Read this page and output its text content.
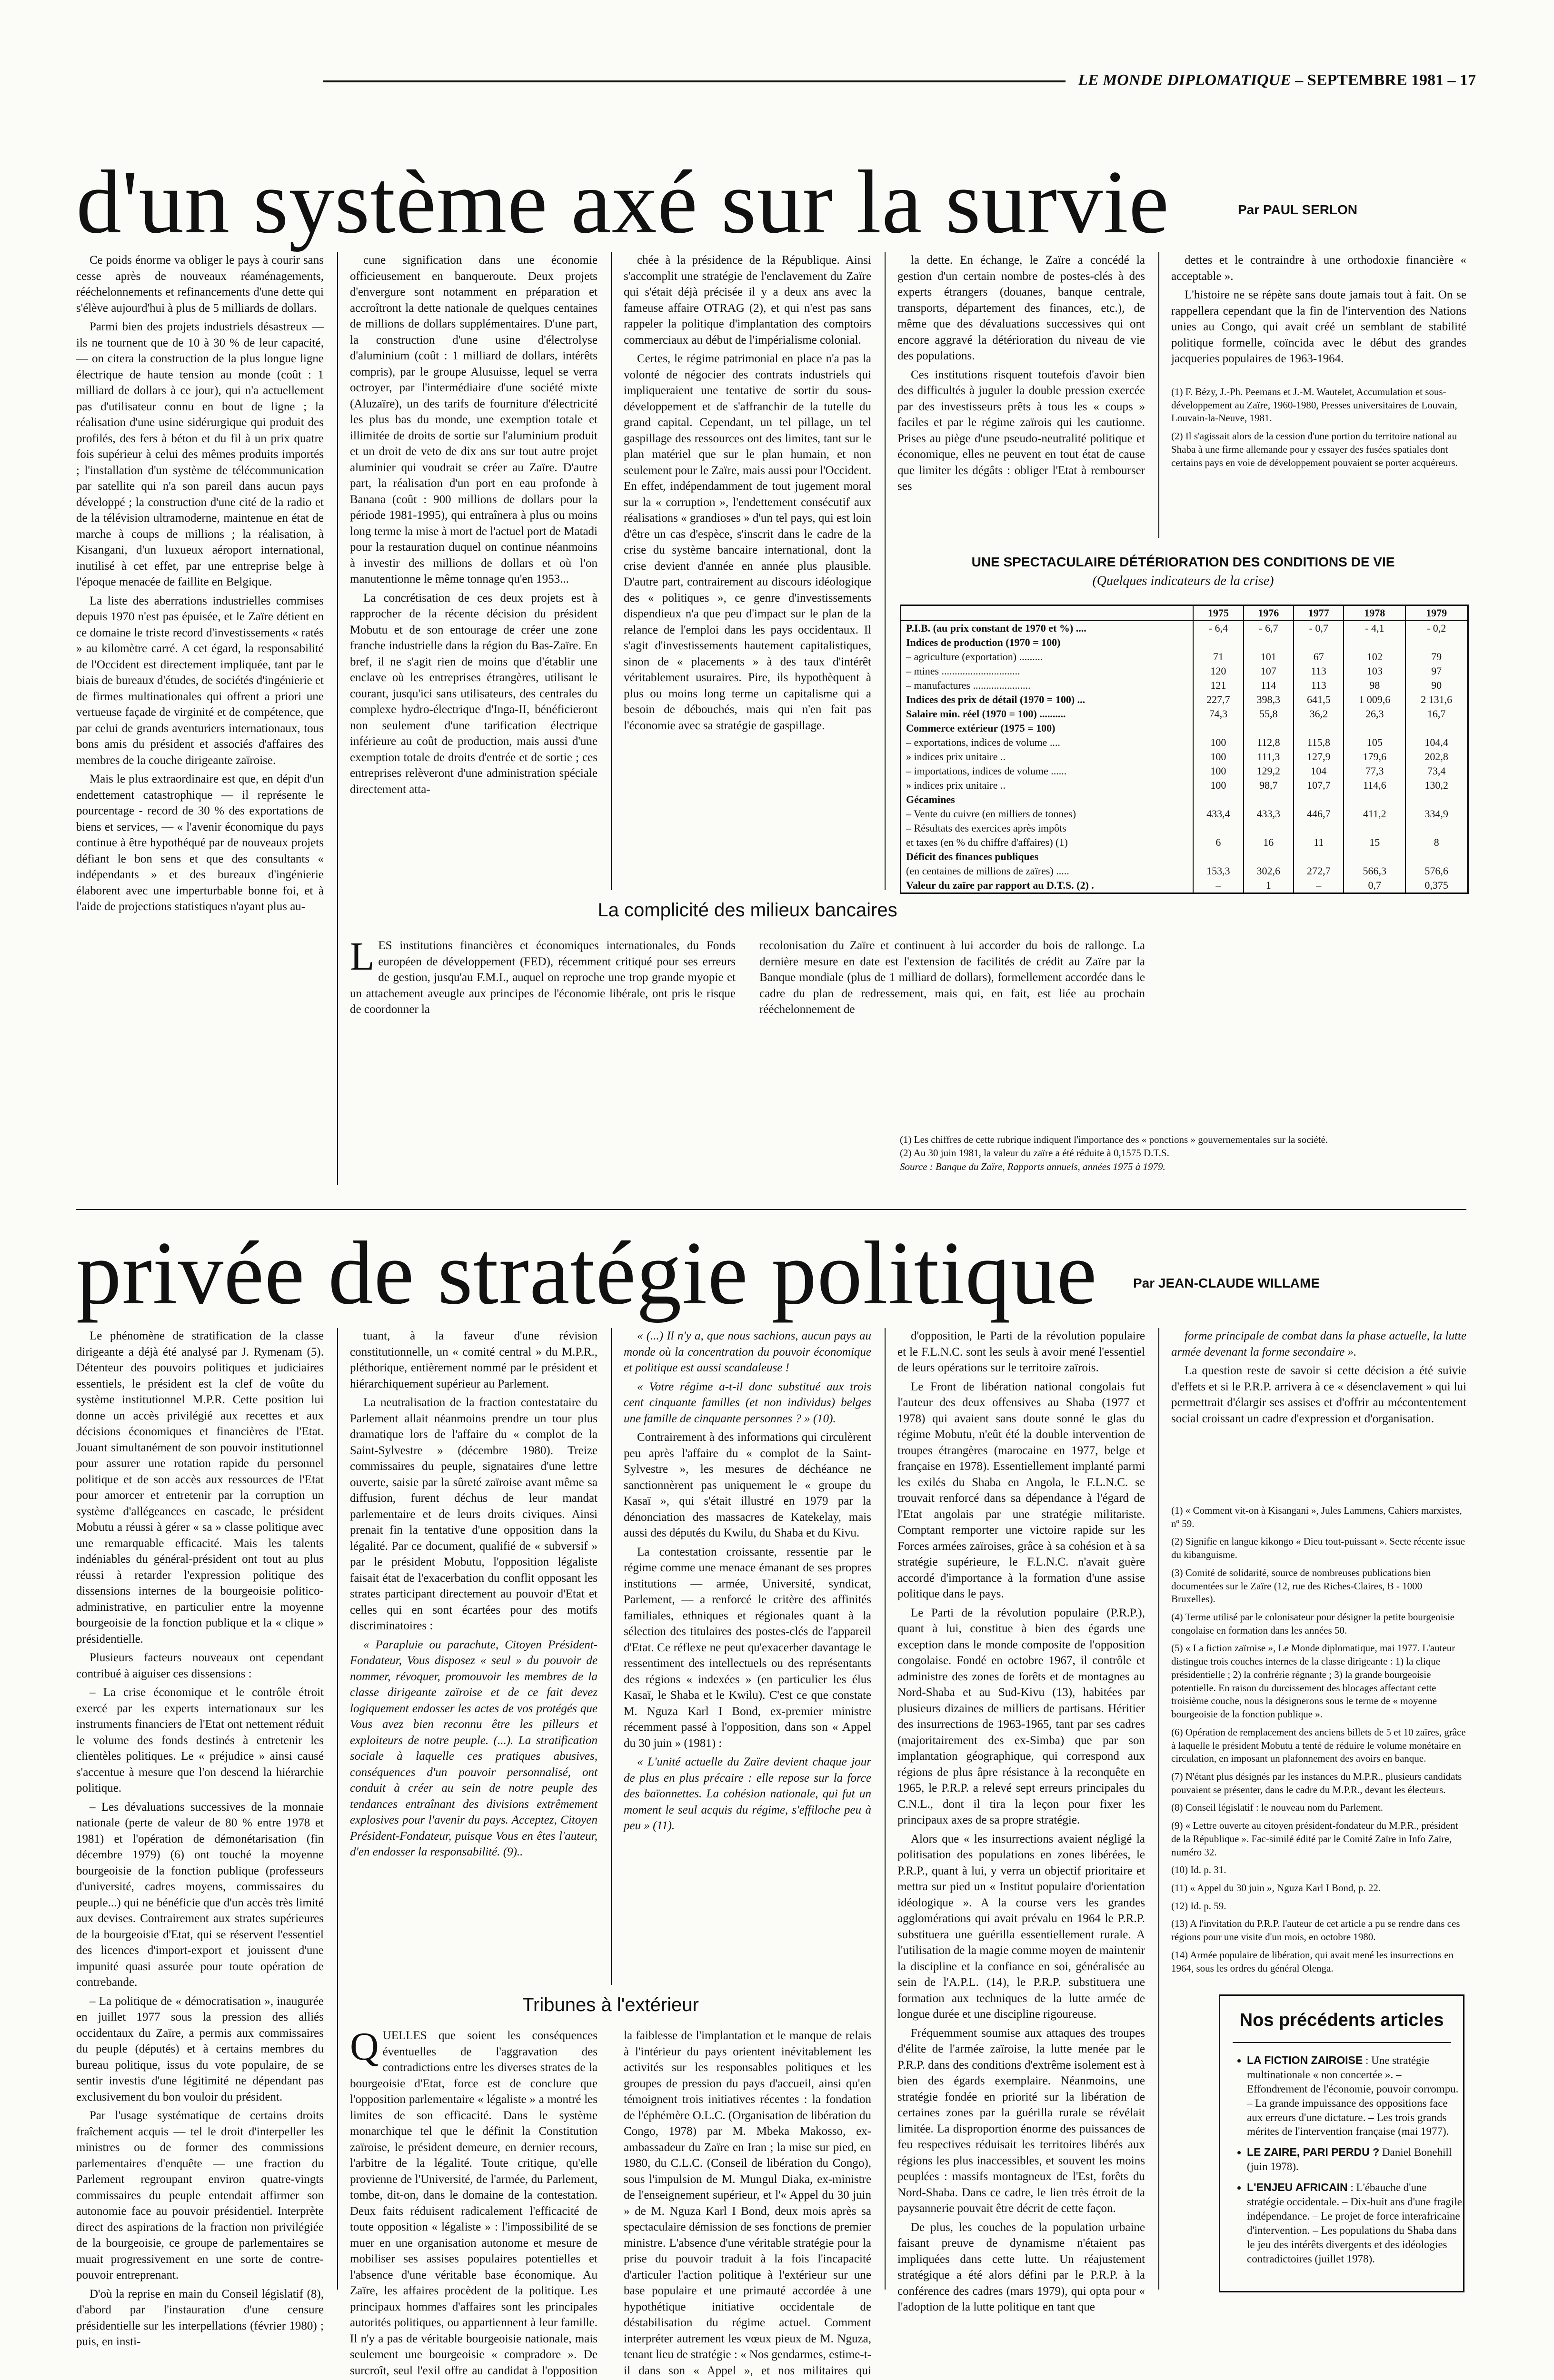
LE MONDE DIPLOMATIQUE – SEPTEMBRE 1981 – 17
d'un système axé sur la survie	Par PAUL SERLON

Ce poids énorme va obliger le pays à courir sans cesse après de nouveaux réaménagements, rééchelonnements et refinancements d'une dette qui s'élève aujourd'hui à plus de 5 milliards de dollars.

Parmi bien des projets industriels désastreux — ils ne tournent que de 10 à 30 % de leur capacité, — on citera la construction de la plus longue ligne électrique de haute tension au monde (coût : 1 milliard de dollars à ce jour), qui n'a actuellement pas d'utilisateur connu en bout de ligne ; la réalisation d'une usine sidérurgique qui produit des profilés, des fers à béton et du fil à un prix quatre fois supérieur à celui des mêmes produits importés ; l'installation d'un système de télécommunication par satellite qui n'a son pareil dans aucun pays développé ; la construction d'une cité de la radio et de la télévision ultramoderne, maintenue en état de marche à coups de millions ; la réalisation, à Kisangani, d'un luxueux aéroport international, inutilisé à cet effet, par une entreprise belge à l'époque menacée de faillite en Belgique.

La liste des aberrations industrielles commises depuis 1970 n'est pas épuisée, et le Zaïre détient en ce domaine le triste record d'investissements « ratés » au kilomètre carré. A cet égard, la responsabilité de l'Occident est directement impliquée, tant par le biais de bureaux d'études, de sociétés d'ingénierie et de firmes multinationales qui offrent a priori une vertueuse façade de virginité et de compétence, que par celui de grands aventuriers internationaux, tous bons amis du président et associés d'affaires des membres de la couche dirigeante zaïroise.

Mais le plus extraordinaire est que, en dépit d'un endettement catastrophique — il représente le pourcentage - record de 30 % des exportations de biens et services, — « l'avenir économique du pays continue à être hypothéqué par de nouveaux projets défiant le bon sens et que des consultants « indépendants » et des bureaux d'ingénierie élaborent avec une imperturbable bonne foi, et à l'aide de projections statistiques n'ayant plus au-

cune signification dans une économie officieusement en banqueroute. Deux projets d'envergure sont notamment en préparation et accroîtront la dette nationale de quelques centaines de millions de dollars supplémentaires. D'une part, la construction d'une usine d'électrolyse d'aluminium (coût : 1 milliard de dollars, intérêts compris), par le groupe Alusuisse, lequel se verra octroyer, par l'intermédiaire d'une société mixte (Aluzaïre), un des tarifs de fourniture d'électricité les plus bas du monde, une exemption totale et illimitée de droits de sortie sur l'aluminium produit et un droit de veto de dix ans sur tout autre projet aluminier qui voudrait se créer au Zaïre. D'autre part, la réalisation d'un port en eau profonde à Banana (coût : 900 millions de dollars pour la période 1981-1995), qui entraînera à plus ou moins long terme la mise à mort de l'actuel port de Matadi pour la restauration duquel on continue néanmoins à investir des millions de dollars et où l'on manutentionne le même tonnage qu'en 1953...

La concrétisation de ces deux projets est à rapprocher de la récente décision du président Mobutu et de son entourage de créer une zone franche industrielle dans la région du Bas-Zaïre. En bref, il ne s'agit rien de moins que d'établir une enclave où les entreprises étrangères, utilisant le courant, jusqu'ici sans utilisateurs, des centrales du complexe hydro-électrique d'Inga-II, bénéficieront non seulement d'une tarification électrique inférieure au coût de production, mais aussi d'une exemption totale de droits d'entrée et de sortie ; ces entreprises relèveront d'une administration spéciale directement atta-

chée à la présidence de la République. Ainsi s'accomplit une stratégie de l'enclavement du Zaïre qui s'était déjà précisée il y a deux ans avec la fameuse affaire OTRAG (2), et qui n'est pas sans rappeler la politique d'implantation des comptoirs commerciaux au début de l'impérialisme colonial.

Certes, le régime patrimonial en place n'a pas la volonté de négocier des contrats industriels qui impliqueraient une tentative de sortir du sous-développement et de s'affranchir de la tutelle du grand capital. Cependant, un tel pillage, un tel gaspillage des ressources ont des limites, tant sur le plan matériel que sur le plan humain, et non seulement pour le Zaïre, mais aussi pour l'Occident. En effet, indépendamment de tout jugement moral sur la « corruption », l'endettement consécutif aux réalisations « grandioses » d'un tel pays, qui est loin d'être un cas d'espèce, s'inscrit dans le cadre de la crise du système bancaire international, dont la crise devient d'année en année plus plausible. D'autre part, contrairement au discours idéologique des « politiques », ce genre d'investissements dispendieux n'a que peu d'impact sur le plan de la relance de l'emploi dans les pays occidentaux. Il s'agit d'investissements hautement capitalistiques, sinon de « placements » à des taux d'intérêt véritablement usuraires. Pire, ils hypothèquent à plus ou moins long terme un capitalisme qui a besoin de débouchés, mais qui n'en fait pas l'économie avec sa stratégie de gaspillage.

la dette. En échange, le Zaïre a concédé la gestion d'un certain nombre de postes-clés à des experts étrangers (douanes, banque centrale, transports, département des finances, etc.), de même que des dévaluations successives qui ont encore aggravé la détérioration du niveau de vie des populations.

Ces institutions risquent toutefois d'avoir bien des difficultés à juguler la double pression exercée par des investisseurs prêts à tous les « coups » faciles et par le régime zaïrois qui les cautionne. Prises au piège d'une pseudo-neutralité politique et économique, elles ne peuvent en tout état de cause que limiter les dégâts : obliger l'Etat à rembourser ses

dettes et le contraindre à une orthodoxie financière « acceptable ».

L'histoire ne se répète sans doute jamais tout à fait. On se rappellera cependant que la fin de l'intervention des Nations unies au Congo, qui avait créé un semblant de stabilité politique formelle, coïncida avec le début des grandes jacqueries populaires de 1963-1964.

(1) F. Bézy, J.-Ph. Peemans et J.-M. Wautelet, Accumulation et sous-développement au Zaïre, 1960-1980, Presses universitaires de Louvain, Louvain-la-Neuve, 1981.

(2) Il s'agissait alors de la cession d'une portion du territoire national au Shaba à une firme allemande pour y essayer des fusées spatiales dont certains pays en voie de développement pouvaient se porter acquéreurs.

La complicité des milieux bancaires
L ES institutions financières et économiques internationales, du Fonds européen de développement (FED), récemment critiqué pour ses erreurs de gestion, jusqu'au F.M.I., auquel on reproche une trop grande myopie et un attachement aveugle aux principes de l'économie libérale, ont pris le risque de coordonner la
recolonisation du Zaïre et continuent à lui accorder du bois de rallonge. La dernière mesure en date est l'extension de facilités de crédit au Zaïre par la Banque mondiale (plus de 1 milliard de dollars), formellement accordée dans le cadre du plan de redressement, mais qui, en fait, est liée au prochain rééchelonnement de
UNE SPECTACULAIRE DÉTÉRIORATION DES CONDITIONS DE VIE
(Quelques indicateurs de la crise)
	1975	1976	1977	1978	1979
P.I.B. (au prix constant de 1970 et %) ....	- 6,4	- 6,7	- 0,7	- 4,1	- 0,2
Indices de production (1970 = 100)					
– agriculture (exportation) .........	71	101	67	102	79
– mines ..............................	120	107	113	103	97
– manufactures ......................	121	114	113	98	90
Indices des prix de détail (1970 = 100) ...	227,7	398,3	641,5	1 009,6	2 131,6
Salaire min. réel (1970 = 100) ..........	74,3	55,8	36,2	26,3	16,7
Commerce extérieur (1975 = 100)					
– exportations, indices de volume ....	100	112,8	115,8	105	104,4
» indices prix unitaire ..	100	111,3	127,9	179,6	202,8
– importations, indices de volume ......	100	129,2	104	77,3	73,4
» indices prix unitaire ..	100	98,7	107,7	114,6	130,2
Gécamines					
– Vente du cuivre (en milliers de tonnes)	433,4	433,3	446,7	411,2	334,9
– Résultats des exercices après impôts					
et taxes (en % du chiffre d'affaires) (1)	6	16	11	15	8
Déficit des finances publiques					
(en centaines de millions de zaïres) .....	153,3	302,6	272,7	566,3	576,6
Valeur du zaïre par rapport au D.T.S. (2) .	–	1	–	0,7	0,375
(1) Les chiffres de cette rubrique indiquent l'importance des « ponctions » gouvernementales sur la société.
(2) Au 30 juin 1981, la valeur du zaïre a été réduite à 0,1575 D.T.S.
Source : Banque du Zaïre, Rapports annuels, années 1975 à 1979.
privée de stratégie politique	Par JEAN-CLAUDE WILLAME

Le phénomène de stratification de la classe dirigeante a déjà été analysé par J. Rymenam (5). Détenteur des pouvoirs politiques et judiciaires essentiels, le président est la clef de voûte du système institutionnel M.P.R. Cette position lui donne un accès privilégié aux recettes et aux décisions économiques et financières de l'Etat. Jouant simultanément de son pouvoir institutionnel pour assurer une rotation rapide du personnel politique et de son accès aux ressources de l'Etat pour amorcer et entretenir par la corruption un système d'allégeances en cascade, le président Mobutu a réussi à gérer « sa » classe politique avec une remarquable efficacité. Mais les talents indéniables du général-président ont tout au plus réussi à retarder l'expression politique des dissensions internes de la bourgeoisie politico-administrative, en particulier entre la moyenne bourgeoisie de la fonction publique et la « clique » présidentielle.

Plusieurs facteurs nouveaux ont cependant contribué à aiguiser ces dissensions :

– La crise économique et le contrôle étroit exercé par les experts internationaux sur les instruments financiers de l'Etat ont nettement réduit le volume des fonds destinés à entretenir les clientèles politiques. Le « préjudice » ainsi causé s'accentue à mesure que l'on descend la hiérarchie politique.

– Les dévaluations successives de la monnaie nationale (perte de valeur de 80 % entre 1978 et 1981) et l'opération de démonétarisation (fin décembre 1979) (6) ont touché la moyenne bourgeoisie de la fonction publique (professeurs d'université, cadres moyens, commissaires du peuple...) qui ne bénéficie que d'un accès très limité aux devises. Contrairement aux strates supérieures de la bourgeoisie d'Etat, qui se réservent l'essentiel des licences d'import-export et jouissent d'une impunité quasi assurée pour toute opération de contrebande.

– La politique de « démocratisation », inaugurée en juillet 1977 sous la pression des alliés occidentaux du Zaïre, a permis aux commissaires du peuple (députés) et à certains membres du bureau politique, issus du vote populaire, de se sentir investis d'une légitimité ne dépendant pas exclusivement du bon vouloir du président.

Par l'usage systématique de certains droits fraîchement acquis — tel le droit d'interpeller les ministres ou de former des commissions parlementaires d'enquête — une fraction du Parlement regroupant environ quatre-vingts commissaires du peuple entendait affirmer son autonomie face au pouvoir présidentiel. Interprète direct des aspirations de la fraction non privilégiée de la bourgeoisie, ce groupe de parlementaires se muait progressivement en une sorte de contre-pouvoir entreprenant.

D'où la reprise en main du Conseil législatif (8), d'abord par l'instauration d'une censure présidentielle sur les interpellations (février 1980) ; puis, en insti-

tuant, à la faveur d'une révision constitutionnelle, un « comité central » du M.P.R., pléthorique, entièrement nommé par le président et hiérarchiquement supérieur au Parlement.

La neutralisation de la fraction contestataire du Parlement allait néanmoins prendre un tour plus dramatique lors de l'affaire du « complot de la Saint-Sylvestre » (décembre 1980). Treize commissaires du peuple, signataires d'une lettre ouverte, saisie par la sûreté zaïroise avant même sa diffusion, furent déchus de leur mandat parlementaire et de leurs droits civiques. Ainsi prenait fin la tentative d'une opposition dans la légalité. Par ce document, qualifié de « subversif » par le président Mobutu, l'opposition légaliste faisait état de l'exacerbation du conflit opposant les strates participant directement au pouvoir d'Etat et celles qui en sont écartées pour des motifs discriminatoires :

« Parapluie ou parachute, Citoyen Président-Fondateur, Vous disposez « seul » du pouvoir de nommer, révoquer, promouvoir les membres de la classe dirigeante zaïroise et de ce fait devez logiquement endosser les actes de vos protégés que Vous avez bien reconnu être les pilleurs et exploiteurs de notre peuple. (...). La stratification sociale à laquelle ces pratiques abusives, conséquences d'un pouvoir personnalisé, ont conduit à créer au sein de notre peuple des tendances entraînant des divisions extrêmement explosives pour l'avenir du pays. Acceptez, Citoyen Président-Fondateur, puisque Vous en êtes l'auteur, d'en endosser la responsabilité. (9)..

« (...) Il n'y a, que nous sachions, aucun pays au monde où la concentration du pouvoir économique et politique est aussi scandaleuse !

« Votre régime a-t-il donc substitué aux trois cent cinquante familles (et non individus) belges une famille de cinquante personnes ? » (10).

Contrairement à des informations qui circulèrent peu après l'affaire du « complot de la Saint-Sylvestre », les mesures de déchéance ne sanctionnèrent pas uniquement le « groupe du Kasaï », qui s'était illustré en 1979 par la dénonciation des massacres de Katekelay, mais aussi des députés du Kwilu, du Shaba et du Kivu.

La contestation croissante, ressentie par le régime comme une menace émanant de ses propres institutions — armée, Université, syndicat, Parlement, — a renforcé le critère des affinités familiales, ethniques et régionales quant à la sélection des titulaires des postes-clés de l'appareil d'Etat. Ce réflexe ne peut qu'exacerber davantage le ressentiment des intellectuels ou des représentants des régions « indexées » (en particulier les élus Kasaï, le Shaba et le Kwilu). C'est ce que constate M. Nguza Karl I Bond, ex-premier ministre récemment passé à l'opposition, dans son « Appel du 30 juin » (1981) :

« L'unité actuelle du Zaïre devient chaque jour de plus en plus précaire : elle repose sur la force des baïonnettes. La cohésion nationale, qui fut un moment le seul acquis du régime, s'effiloche peu à peu » (11).

d'opposition, le Parti de la révolution populaire et le F.L.N.C. sont les seuls à avoir mené l'essentiel de leurs opérations sur le territoire zaïrois.

Le Front de libération national congolais fut l'auteur des deux offensives au Shaba (1977 et 1978) qui avaient sans doute sonné le glas du régime Mobutu, n'eût été la double intervention de troupes étrangères (marocaine en 1977, belge et française en 1978). Essentiellement implanté parmi les exilés du Shaba en Angola, le F.L.N.C. se trouvait renforcé dans sa dépendance à l'égard de l'Etat angolais par une stratégie militariste. Comptant remporter une victoire rapide sur les Forces armées zaïroises, grâce à sa cohésion et à sa stratégie supérieure, le F.L.N.C. n'avait guère accordé d'importance à la formation d'une assise politique dans le pays.

Le Parti de la révolution populaire (P.R.P.), quant à lui, constitue à bien des égards une exception dans le monde composite de l'opposition congolaise. Fondé en octobre 1967, il contrôle et administre des zones de forêts et de montagnes au Nord-Shaba et au Sud-Kivu (13), habitées par plusieurs dizaines de milliers de partisans. Héritier des insurrections de 1963-1965, tant par ses cadres (majoritairement des ex-Simba) que par son implantation géographique, qui correspond aux régions de plus âpre résistance à la reconquête en 1965, le P.R.P. a relevé sept erreurs principales du C.N.L., dont il tira la leçon pour fixer les principaux axes de sa propre stratégie.

Alors que « les insurrections avaient négligé la politisation des populations en zones libérées, le P.R.P., quant à lui, y verra un objectif prioritaire et mettra sur pied un « Institut populaire d'orientation idéologique ». A la course vers les grandes agglomérations qui avait prévalu en 1964 le P.R.P. substituera une guérilla essentiellement rurale. A l'utilisation de la magie comme moyen de maintenir la discipline et la confiance en soi, généralisée au sein de l'A.P.L. (14), le P.R.P. substituera une formation aux techniques de la lutte armée de longue durée et une discipline rigoureuse.

Fréquemment soumise aux attaques des troupes d'élite de l'armée zaïroise, la lutte menée par le P.R.P. dans des conditions d'extrême isolement est à bien des égards exemplaire. Néanmoins, une stratégie fondée en priorité sur la libération de certaines zones par la guérilla rurale se révélait limitée. La disproportion énorme des puissances de feu respectives réduisait les territoires libérés aux régions les plus inaccessibles, et souvent les moins peuplées : massifs montagneux de l'Est, forêts du Nord-Shaba. Dans ce cadre, le lien très étroit de la paysannerie pouvait être décrit de cette façon.

De plus, les couches de la population urbaine faisant preuve de dynamisme n'étaient pas impliquées dans cette lutte. Un réajustement stratégique a été alors défini par le P.R.P. à la conférence des cadres (mars 1979), qui opta pour « l'adoption de la lutte politique en tant que

forme principale de combat dans la phase actuelle, la lutte armée devenant la forme secondaire ».

La question reste de savoir si cette décision a été suivie d'effets et si le P.R.P. arrivera à ce « désenclavement » qui lui permettrait d'élargir ses assises et d'offrir au mécontentement social croissant un cadre d'expression et d'organisation.

(1) « Comment vit-on à Kisangani », Jules Lammens, Cahiers marxistes, nº 59.

(2) Signifie en langue kikongo « Dieu tout-puissant ». Secte récente issue du kibanguisme.

(3) Comité de solidarité, source de nombreuses publications bien documentées sur le Zaïre (12, rue des Riches-Claires, B - 1000 Bruxelles).

(4) Terme utilisé par le colonisateur pour désigner la petite bourgeoisie congolaise en formation dans les années 50.

(5) « La fiction zaïroise », Le Monde diplomatique, mai 1977. L'auteur distingue trois couches internes de la classe dirigeante : 1) la clique présidentielle ; 2) la confrérie régnante ; 3) la grande bourgeoisie potentielle. En raison du durcissement des blocages affectant cette troisième couche, nous la désignerons sous le terme de « moyenne bourgeoisie de la fonction publique ».

(6) Opération de remplacement des anciens billets de 5 et 10 zaïres, grâce à laquelle le président Mobutu a tenté de réduire le volume monétaire en circulation, en imposant un plafonnement des avoirs en banque.

(7) N'étant plus désignés par les instances du M.P.R., plusieurs candidats pouvaient se présenter, dans le cadre du M.P.R., devant les électeurs.

(8) Conseil législatif : le nouveau nom du Parlement.

(9) « Lettre ouverte au citoyen président-fondateur du M.P.R., président de la République ». Fac-similé édité par le Comité Zaïre in Info Zaïre, numéro 32.

(10) Id. p. 31.

(11) « Appel du 30 juin », Nguza Karl I Bond, p. 22.

(12) Id. p. 59.

(13) A l'invitation du P.R.P. l'auteur de cet article a pu se rendre dans ces régions pour une visite d'un mois, en octobre 1980.

(14) Armée populaire de libération, qui avait mené les insurrections en 1964, sous les ordres du général Olenga.

Tribunes à l'extérieur
Q UELLES que soient les conséquences éventuelles de l'aggravation des contradictions entre les diverses strates de la bourgeoisie d'Etat, force est de conclure que l'opposition parlementaire « légaliste » a montré les limites de son efficacité. Dans le système monarchique tel que le définit la Constitution zaïroise, le président demeure, en dernier recours, l'arbitre de la légalité. Toute critique, qu'elle provienne de l'Université, de l'armée, du Parlement, tombe, dit-on, dans le domaine de la contestation. Deux faits réduisent radicalement l'efficacité de toute opposition « légaliste » : l'impossibilité de se muer en une organisation autonome et mesure de mobiliser ses assises populaires potentielles et l'absence d'une véritable base économique. Au Zaïre, les affaires procèdent de la politique. Les principaux hommes d'affaires sont les principales autorités politiques, ou appartiennent à leur famille. Il n'y a pas de véritable bourgeoisie nationale, mais seulement une bourgeoisie « compradore ». De surcroît, seul l'exil offre au candidat à l'opposition
la faiblesse de l'implantation et le manque de relais à l'intérieur du pays orientent inévitablement les activités sur les responsables politiques et les groupes de pression du pays d'accueil, ainsi qu'en témoignent trois initiatives récentes : la fondation de l'éphémère O.L.C. (Organisation de libération du Congo, 1978) par M. Mbeka Makosso, ex-ambassadeur du Zaïre en Iran ; la mise sur pied, en 1980, du C.L.C. (Conseil de libération du Congo), sous l'impulsion de M. Mungul Diaka, ex-ministre de l'enseignement supérieur, et l'« Appel du 30 juin » de M. Nguza Karl I Bond, deux mois après sa spectaculaire démission de ses fonctions de premier ministre. L'absence d'une véritable stratégie pour la prise du pouvoir traduit à la fois l'incapacité d'articuler l'action politique à l'extérieur sur une base populaire et une primauté accordée à une hypothétique initiative occidentale de déstabilisation du régime actuel. Comment interpréter autrement les vœux pieux de M. Nguza, tenant lieu de stratégie : « Nos gendarmes, estime-t-il dans son « Appel », et nos militaires qui
Nos précédents articles
• LA FICTION ZAIROISE : Une stratégie multinationale « non concertée ». – Effondrement de l'économie, pouvoir corrompu. – La grande impuissance des oppositions face aux erreurs d'une dictature. – Les trois grands mérites de l'intervention française (mai 1977).
• LE ZAIRE, PARI PERDU ? Daniel Bonehill (juin 1978).
• L'ENJEU AFRICAIN : L'ébauche d'une stratégie occidentale. – Dix-huit ans d'une fragile indépendance. – Le projet de force interafricaine d'intervention. – Les populations du Shaba dans le jeu des intérêts divergents et des idéologies contradictoires (juillet 1978).
